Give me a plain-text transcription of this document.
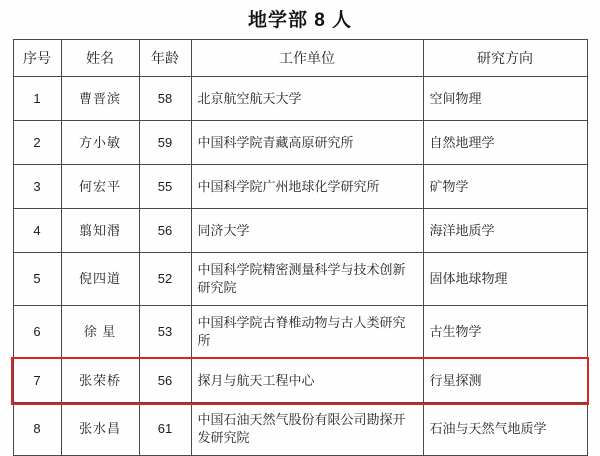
地学部 8 人
序号	姓名	年龄	工作单位	研究方向
1	曹晋滨	58	北京航空航天大学	空间物理
2	方小敏	59	中国科学院青藏高原研究所	自然地理学
3	何宏平	55	中国科学院广州地球化学研究所	矿物学
4	翦知湣	56	同济大学	海洋地质学
5	倪四道	52	中国科学院精密测量科学与技术创新研究院	固体地球物理
6	徐 星	53	中国科学院古脊椎动物与古人类研究所	古生物学
7	张荣桥	56	探月与航天工程中心	行星探测
8	张水昌	61	中国石油天然气股份有限公司勘探开发研究院	石油与天然气地质学
